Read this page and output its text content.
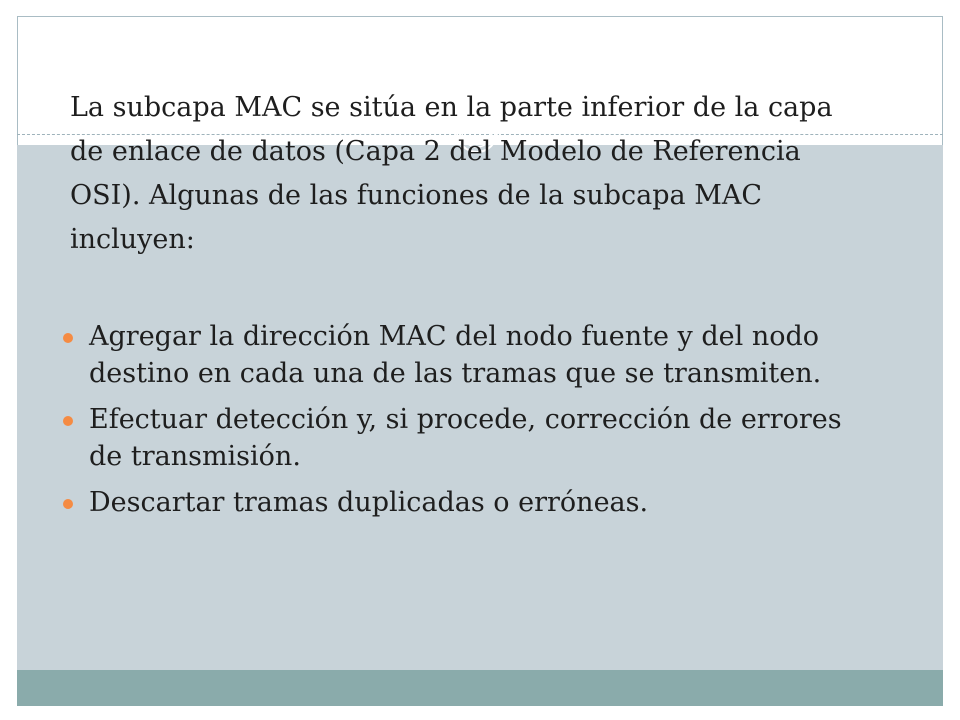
La subcapa MAC se sitúa en la parte inferior de la capa de enlace de datos (Capa 2 del Modelo de Referencia OSI). Algunas de las funciones de la subcapa MAC incluyen:

Agregar la dirección MAC del nodo fuente y del nodo destino en cada una de las tramas que se transmiten.
Efectuar detección y, si procede, corrección de errores de transmisión.
Descartar tramas duplicadas o erróneas.
